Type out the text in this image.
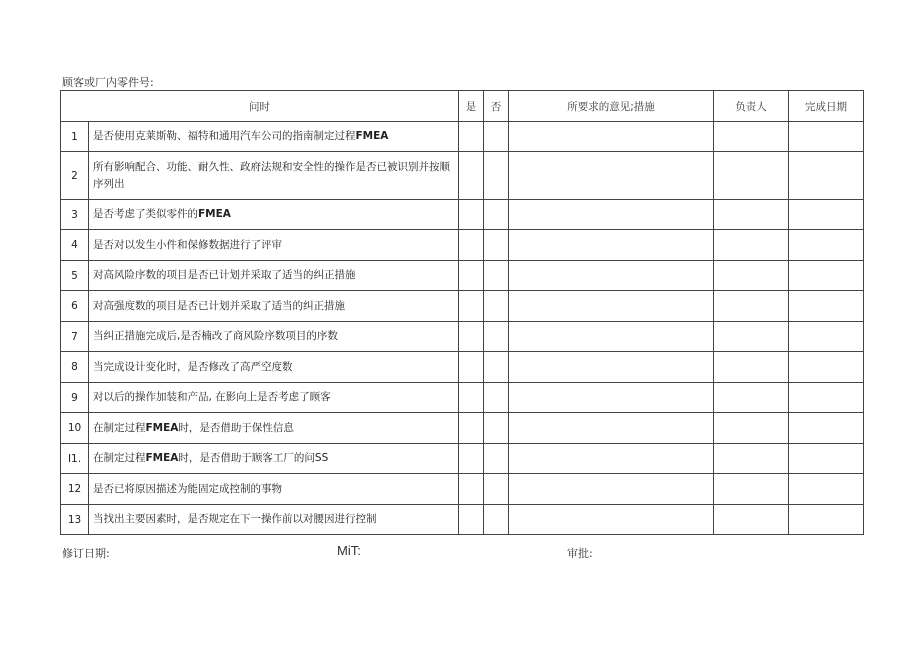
顾客或厂内零件号:
问时		是	否	所要求的意见;措施	负责人	完成日期
1	是否使用克莱斯勒、福特和通用汽车公司的指南制定过程FMEA					
2	所有影响配合、功能、耐久性、政府法规和安全性的操作是否已被识别并按顺序列出					
3	是否考虑了类似零件的FMEA					
4	是否对以发生小件和保修数据进行了评审					
5	对高风险序数的项目是否已计划并采取了适当的纠正措施					
6	对高强度数的项目是否已计划并采取了适当的纠正措施					
7	当纠正措施完成后,是否楠改了商风险序数项目的序数					
8	当完成设计变化时，是否修改了高严空度数					
9	对以后的操作加装和产品, 在影向上是否考虑了顾客					
10	在制定过程FMEA时，是否借助于保性信息					
I1.	在制定过程FMEA时，是否借助于顾客工厂的问SS					
12	是否已将原因描述为能固定成控制的事物					
13	当找出主要因素时，是否规定在下一操作前以对腰因进行控制					
修订日期:	MiT:	审批:
